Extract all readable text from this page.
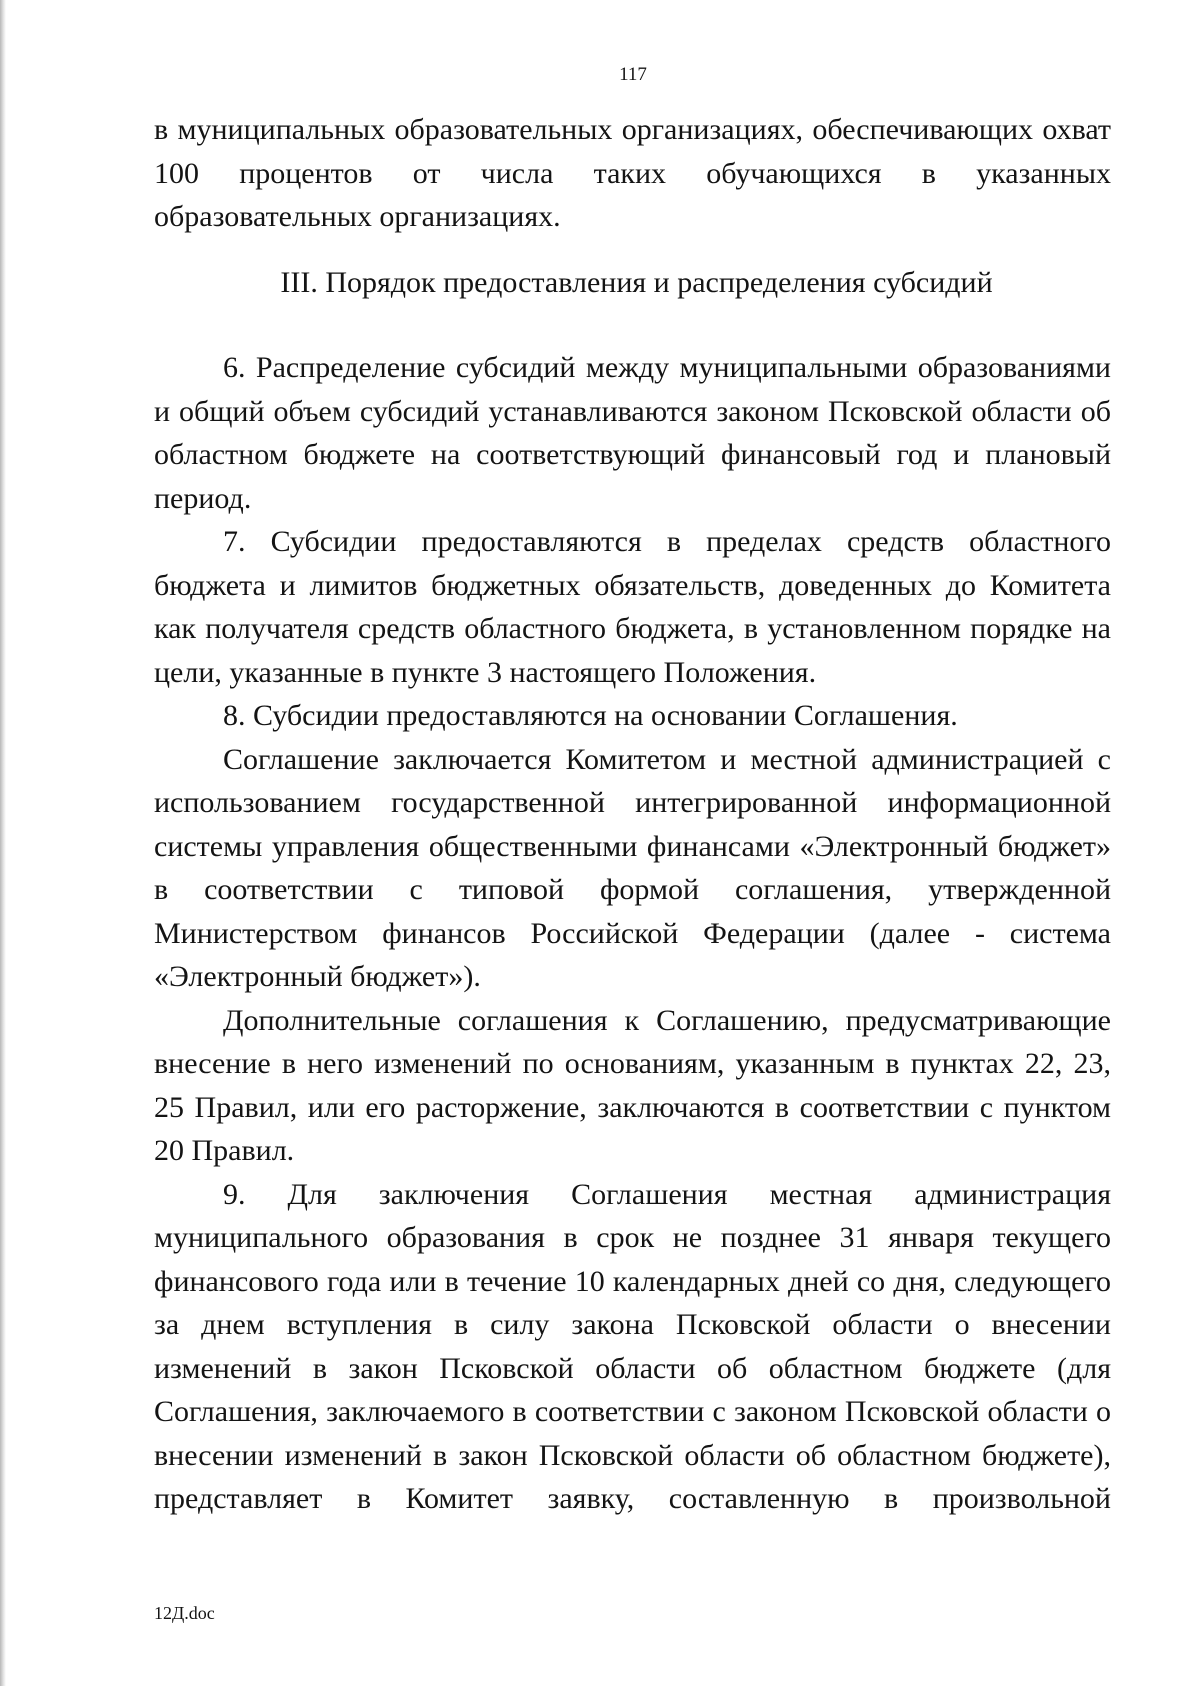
117

в муниципальных образовательных организациях, обеспечивающих охват

100 процентов от числа таких обучающихся в указанных

образовательных организациях.

III. Порядок предоставления и распределения субсидий

6. Распределение субсидий между муниципальными образованиями и общий объем субсидий устанавливаются законом Псковской области об областном бюджете на соответствующий финансовый год и плановый период.

7. Субсидии предоставляются в пределах средств областного бюджета и лимитов бюджетных обязательств, доведенных до Комитета как получателя средств областного бюджета, в установленном порядке на цели, указанные в пункте 3 настоящего Положения.

8. Субсидии предоставляются на основании Соглашения.

Соглашение заключается Комитетом и местной администрацией с использованием государственной интегрированной информационной системы управления общественными финансами «Электронный бюджет» в соответствии с типовой формой соглашения, утвержденной Министерством финансов Российской Федерации (далее - система «Электронный бюджет»).

Дополнительные соглашения к Соглашению, предусматривающие внесение в него изменений по основаниям, указанным в пунктах 22, 23, 25 Правил, или его расторжение, заключаются в соответствии с пунктом 20 Правил.

9. Для заключения Соглашения местная администрация муниципального образования в срок не позднее 31 января текущего финансового года или в течение 10 календарных дней со дня, следующего за днем вступления в силу закона Псковской области о внесении изменений в закон Псковской области об областном бюджете (для Соглашения, заключаемого в соответствии с законом Псковской области о внесении изменений в закон Псковской области об областном бюджете), представляет в Комитет заявку, составленную в произвольной

12Д.doc
